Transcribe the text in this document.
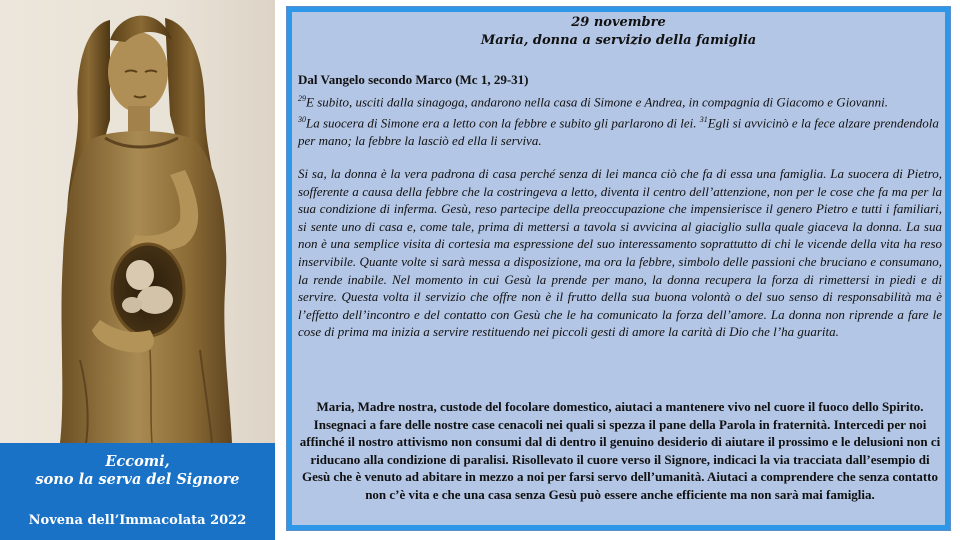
Eccomi,
sono la serva del Signore
Novena dell’Immacolata 2022
29 novembre
Maria, donna a servizio della famiglia
Dal Vangelo secondo Marco (Mc 1, 29-31)
$^{29}$E subito, usciti dalla sinagoga, andarono nella casa di Simone e Andrea, in compagnia di Giacomo e Giovanni.
$^{30}$La suocera di Simone era a letto con la febbre e subito gli parlarono di lei. $^{31}$Egli si avvicinò e la fece alzare prendendola per mano; la febbre la lasciò ed ella li serviva.
Si sa, la donna è la vera padrona di casa perché senza di lei manca ciò che fa di essa una famiglia. La suocera di Pietro, sofferente a causa della febbre che la costringeva a letto, diventa il centro dell’attenzione, non per le cose che fa ma per la sua condizione di inferma. Gesù, reso partecipe della preoccupazione che impensierisce il genero Pietro e tutti i familiari, si sente uno di casa e, come tale, prima di mettersi a tavola si avvicina al giaciglio sulla quale giaceva la donna. La sua non è una semplice visita di cortesia ma espressione del suo interessamento soprattutto di chi le vicende della vita ha reso inservibile. Quante volte si sarà messa a disposizione, ma ora la febbre, simbolo delle passioni che bruciano e consumano, la rende inabile. Nel momento in cui Gesù la prende per mano, la donna recupera la forza di rimettersi in piedi e di servire. Questa volta il servizio che offre non è il frutto della sua buona volontà o del suo senso di responsabilità ma è l’effetto dell’incontro e del contatto con Gesù che le ha comunicato la forza dell’amore. La donna non riprende a fare le cose di prima ma inizia a servire restituendo nei piccoli gesti di amore la carità di Dio che l’ha guarita.
Maria, Madre nostra, custode del focolare domestico, aiutaci a mantenere vivo nel cuore il fuoco dello Spirito. Insegnaci a fare delle nostre case cenacoli nei quali si spezza il pane della Parola in fraternità. Intercedi per noi affinché il nostro attivismo non consumi dal di dentro il genuino desiderio di aiutare il prossimo e le delusioni non ci riducano alla condizione di paralisi. Risollevato il cuore verso il Signore, indicaci la via tracciata dall’esempio di Gesù che è venuto ad abitare in mezzo a noi per farsi servo dell’umanità. Aiutaci a comprendere che senza contatto non c’è vita e che una casa senza Gesù può essere anche efficiente ma non sarà mai famiglia.
